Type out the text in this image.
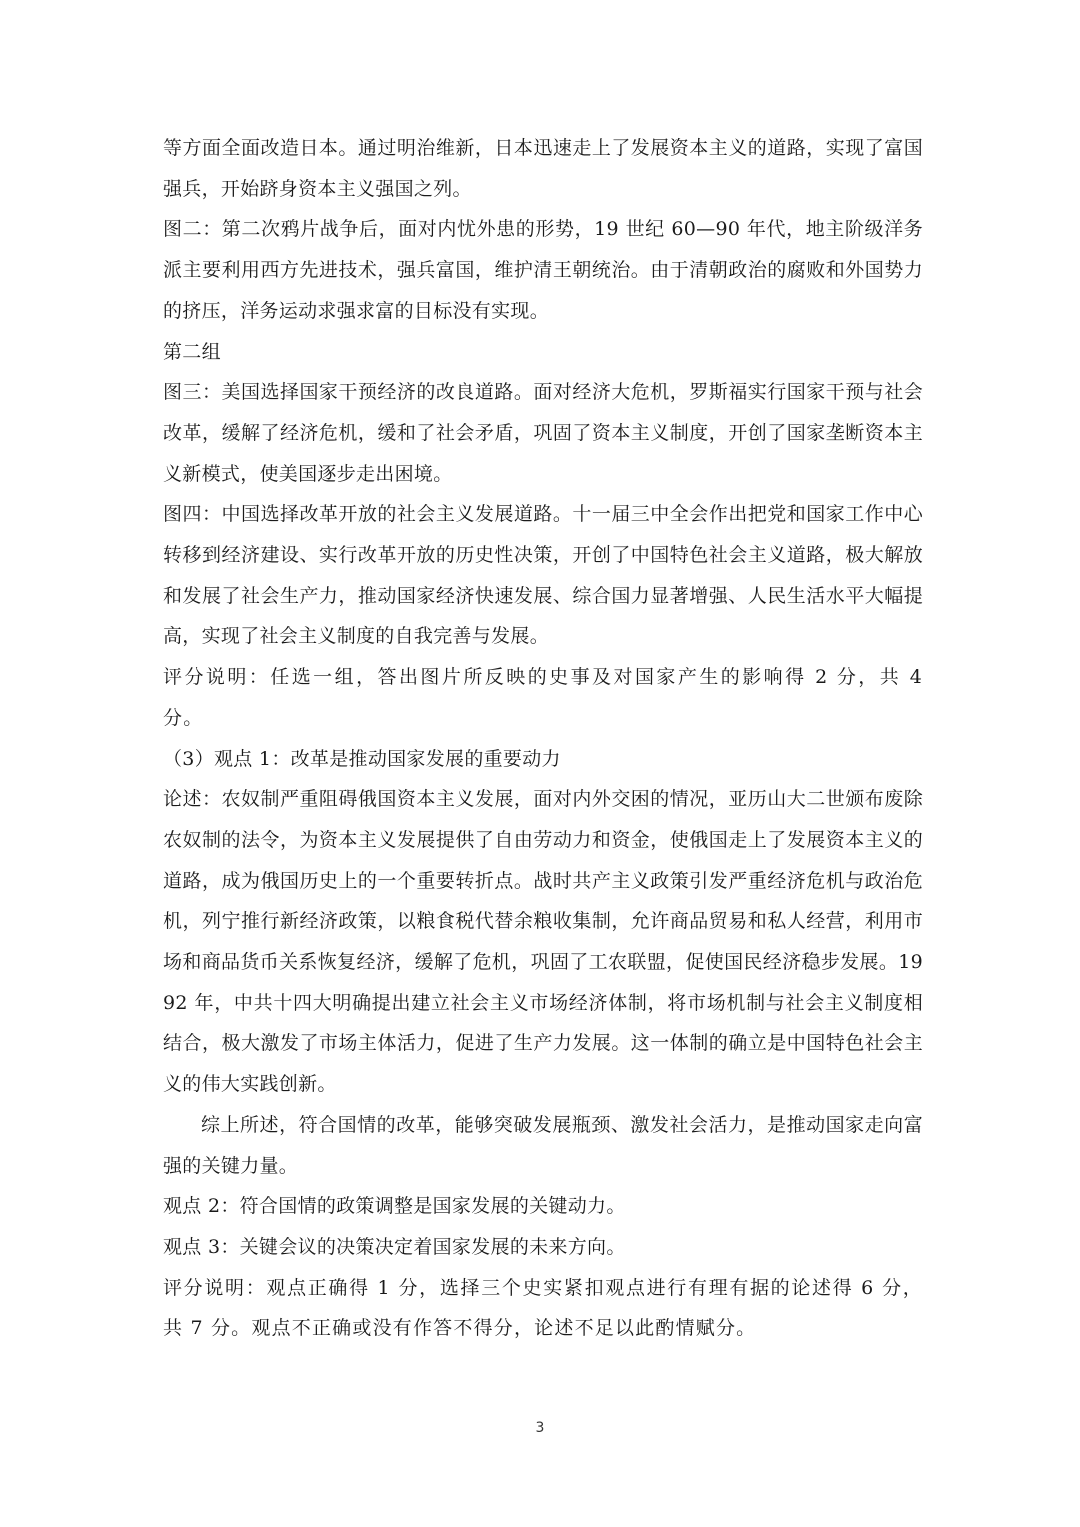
等方面全面改造日本。通过明治维新，日本迅速走上了发展资本主义的道路，实现了富国强兵，开始跻身资本主义强国之列。

图二：第二次鸦片战争后，面对内忧外患的形势，19 世纪 60—90 年代，地主阶级洋务派主要利用西方先进技术，强兵富国，维护清王朝统治。由于清朝政治的腐败和外国势力的挤压，洋务运动求强求富的目标没有实现。

第二组

图三：美国选择国家干预经济的改良道路。面对经济大危机，罗斯福实行国家干预与社会改革，缓解了经济危机，缓和了社会矛盾，巩固了资本主义制度，开创了国家垄断资本主义新模式，使美国逐步走出困境。

图四：中国选择改革开放的社会主义发展道路。十一届三中全会作出把党和国家工作中心转移到经济建设、实行改革开放的历史性决策，开创了中国特色社会主义道路，极大解放和发展了社会生产力，推动国家经济快速发展、综合国力显著增强、人民生活水平大幅提高，实现了社会主义制度的自我完善与发展。

评分说明：任选一组，答出图片所反映的史事及对国家产生的影响得 2 分，共 4 分。

（3）观点 1：改革是推动国家发展的重要动力

论述：农奴制严重阻碍俄国资本主义发展，面对内外交困的情况，亚历山大二世颁布废除农奴制的法令，为资本主义发展提供了自由劳动力和资金，使俄国走上了发展资本主义的道路，成为俄国历史上的一个重要转折点。战时共产主义政策引发严重经济危机与政治危机，列宁推行新经济政策，以粮食税代替余粮收集制，允许商品贸易和私人经营，利用市场和商品货币关系恢复经济，缓解了危机，巩固了工农联盟，促使国民经济稳步发展。1992 年，中共十四大明确提出建立社会主义市场经济体制，将市场机制与社会主义制度相结合，极大激发了市场主体活力，促进了生产力发展。这一体制的确立是中国特色社会主义的伟大实践创新。

综上所述，符合国情的改革，能够突破发展瓶颈、激发社会活力，是推动国家走向富强的关键力量。

观点 2：符合国情的政策调整是国家发展的关键动力。

观点 3：关键会议的决策决定着国家发展的未来方向。

评分说明：观点正确得 1 分，选择三个史实紧扣观点进行有理有据的论述得 6 分，共 7 分。观点不正确或没有作答不得分，论述不足以此酌情赋分。

3
